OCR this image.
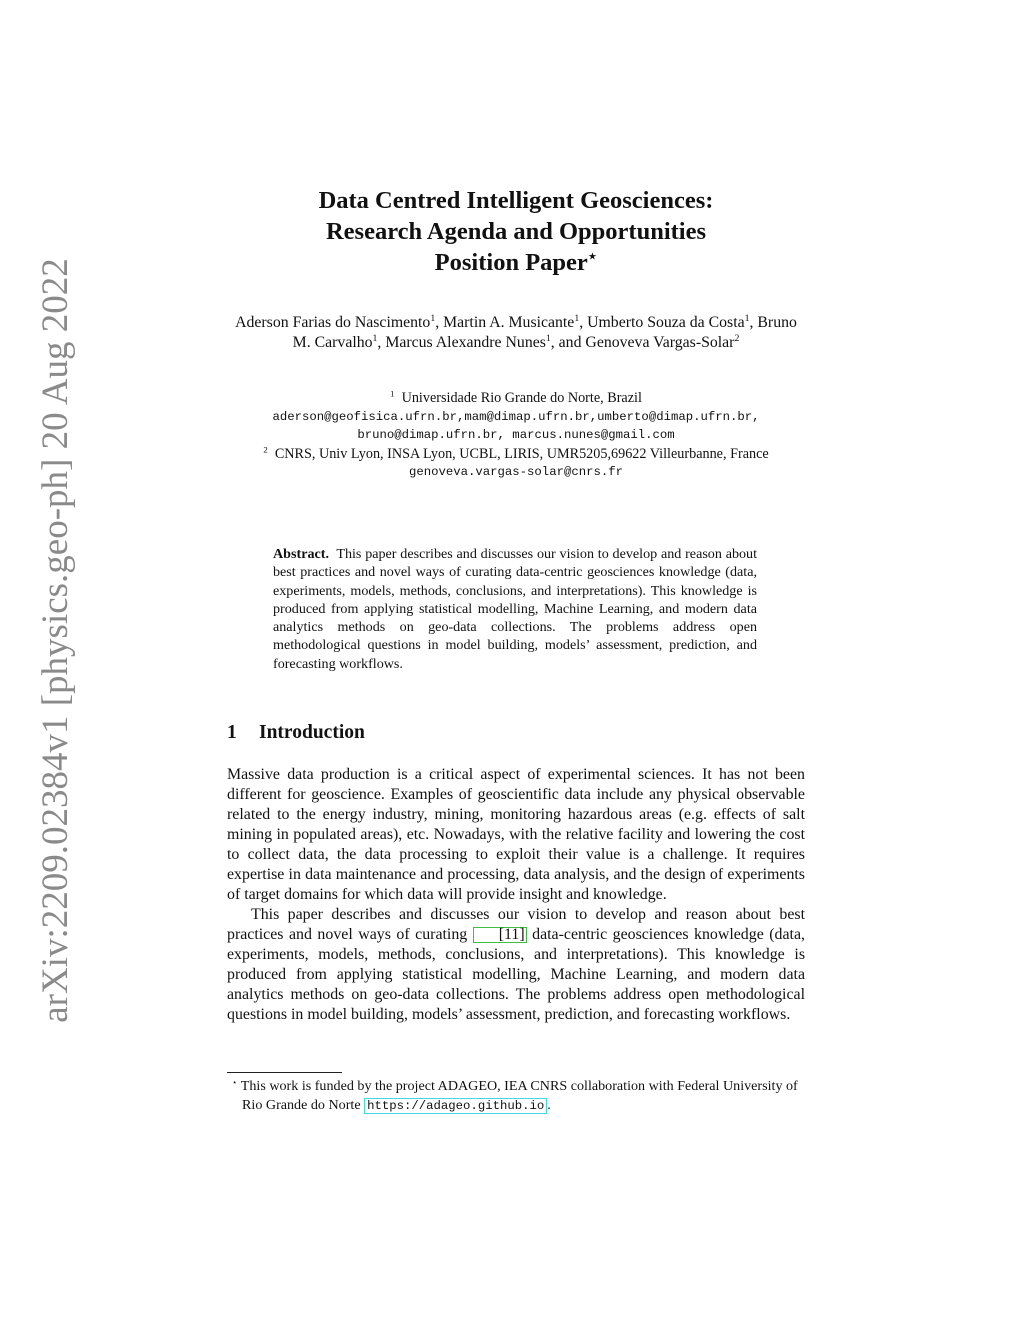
arXiv:2209.02384v1 [physics.geo-ph] 20 Aug 2022
Data Centred Intelligent Geosciences:
Research Agenda and Opportunities
Position Paper⋆
Aderson Farias do Nascimento$^1$, Martin A. Musicante$^1$, Umberto Souza da Costa$^1$, Bruno M. Carvalho$^1$, Marcus Alexandre Nunes$^1$, and Genoveva Vargas-Solar$^2$
$^1$ Universidade Rio Grande do Norte, Brazil
aderson@geofisica.ufrn.br,mam@dimap.ufrn.br,umberto@dimap.ufrn.br,
bruno@dimap.ufrn.br, marcus.nunes@gmail.com
$^2$ CNRS, Univ Lyon, INSA Lyon, UCBL, LIRIS, UMR5205,69622 Villeurbanne, France
genoveva.vargas-solar@cnrs.fr
Abstract. This paper describes and discusses our vision to develop and reason about best practices and novel ways of curating data-centric geosciences knowledge (data, experiments, models, methods, conclusions, and interpretations). This knowledge is produced from applying statistical modelling, Machine Learning, and modern data analytics methods on geo-data collections. The problems address open methodological questions in model building, models’ assessment, prediction, and forecasting workflows.
1 Introduction

Massive data production is a critical aspect of experimental sciences. It has not been different for geoscience. Examples of geoscientific data include any physical observable related to the energy industry, mining, monitoring hazardous areas (e.g. effects of salt mining in populated areas), etc. Nowadays, with the relative facility and lowering the cost to collect data, the data processing to exploit their value is a challenge. It requires expertise in data maintenance and processing, data analysis, and the design of experiments of target domains for which data will provide insight and knowledge.

This paper describes and discusses our vision to develop and reason about best practices and novel ways of curating [11] data-centric geosciences knowledge (data, experiments, models, methods, conclusions, and interpretations). This knowledge is produced from applying statistical modelling, Machine Learning, and modern data analytics methods on geo-data collections. The problems address open methodological questions in model building, models’ assessment, prediction, and forecasting workflows.

⋆ This work is funded by the project ADAGEO, IEA CNRS collaboration with Federal University of Rio Grande do Norte https://adageo.github.io .
